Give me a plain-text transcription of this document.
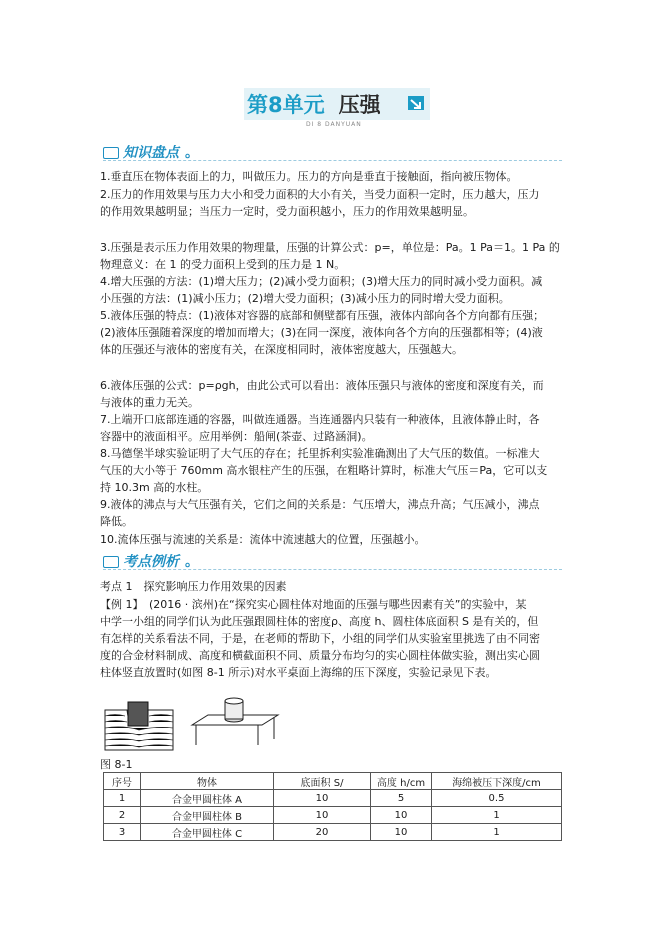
第8单元 压强
DI 8 DANYUAN
知识盘点 。
1.垂直压在物体表面上的力，叫做压力。压力的方向是垂直于接触面，指向被压物体。
2.压力的作用效果与压力大小和受力面积的大小有关，当受力面积一定时，压力越大，压力
的作用效果越明显；当压力一定时，受力面积越小，压力的作用效果越明显。
3.压强是表示压力作用效果的物理量，压强的计算公式：p=，单位是：Pa。1 Pa＝1。1 Pa 的
物理意义：在 1 的受力面积上受到的压力是 1 N。
4.增大压强的方法：(1)增大压力；(2)减小受力面积；(3)增大压力的同时减小受力面积。减
小压强的方法：(1)减小压力；(2)增大受力面积；(3)减小压力的同时增大受力面积。
5.液体压强的特点：(1)液体对容器的底部和侧壁都有压强，液体内部向各个方向都有压强；
(2)液体压强随着深度的增加而增大；(3)在同一深度，液体向各个方向的压强都相等；(4)液
体的压强还与液体的密度有关，在深度相同时，液体密度越大，压强越大。
6.液体压强的公式：p=ρgh，由此公式可以看出：液体压强只与液体的密度和深度有关，而
与液体的重力无关。
7.上端开口底部连通的容器，叫做连通器。当连通器内只装有一种液体，且液体静止时，各
容器中的液面相平。应用举例：船闸(茶壶、过路涵洞)。
8.马德堡半球实验证明了大气压的存在；托里拆利实验准确测出了大气压的数值。一标准大
气压的大小等于 760mm 高水银柱产生的压强，在粗略计算时，标准大气压＝Pa，它可以支
持 10.3m 高的水柱。
9.液体的沸点与大气压强有关，它们之间的关系是：气压增大，沸点升高；气压减小，沸点
降低。
10.流体压强与流速的关系是：流体中流速越大的位置，压强越小。
考点例析 。
考点 1　探究影响压力作用效果的因素
【例 1】　(2016 · 滨州)在“探究实心圆柱体对地面的压强与哪些因素有关”的实验中，某
中学一小组的同学们认为此压强跟圆柱体的密度ρ、高度 h、圆柱体底面积 S 是有关的，但
有怎样的关系看法不同，于是，在老师的帮助下，小组的同学们从实验室里挑选了由不同密
度的合金材料制成、高度和横截面积不同、质量分布均匀的实心圆柱体做实验，测出实心圆
柱体竖直放置时(如图 8-1 所示)对水平桌面上海绵的压下深度，实验记录见下表。
图 8-1
序号	物体	底面积 S/	高度 h/cm	海绵被压下深度/cm
1	合金甲圆柱体 A	10	5	0.5
2	合金甲圆柱体 B	10	10	1
3	合金甲圆柱体 C	20	10	1
